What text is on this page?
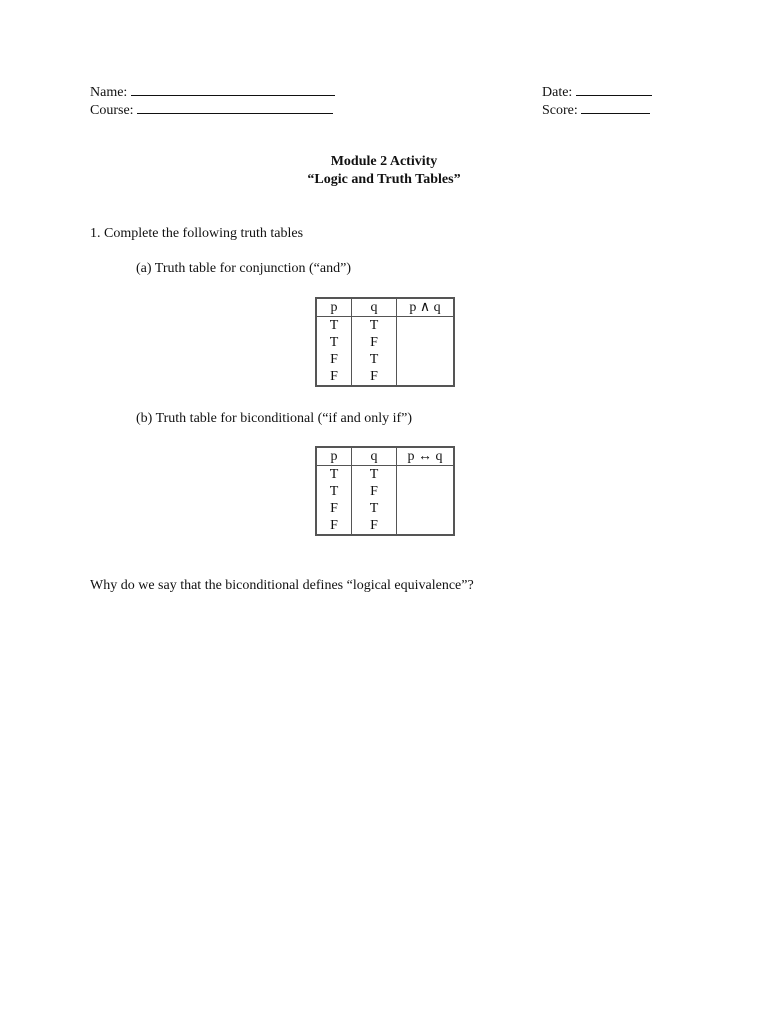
Name:
Course:
Date:
Score:
Module 2 Activity
“Logic and Truth Tables”
1. Complete the following truth tables
(a) Truth table for conjunction (“and”)
p	q	p ∧ q
T	T	
T	F	
F	T	
F	F	
(b) Truth table for biconditional (“if and only if”)
p	q	p ↔ q
T	T	
T	F	
F	T	
F	F	
Why do we say that the biconditional defines “logical equivalence”?
